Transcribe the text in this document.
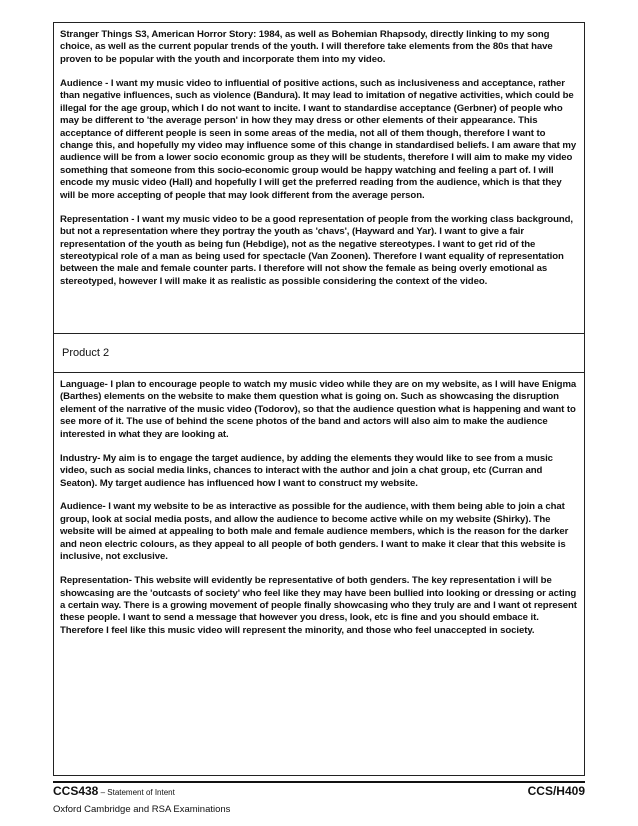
Stranger Things S3, American Horror Story: 1984, as well as Bohemian Rhapsody, directly linking to my song choice, as well as the current popular trends of the youth. I will therefore take elements from the 80s that have proven to be popular with the youth and incorporate them into my video.

Audience - I want my music video to influential of positive actions, such as inclusiveness and acceptance, rather than negative influences, such as violence (Bandura). It may lead to imitation of negative activities, which could be illegal for the age group, which I do not want to incite. I want to standardise acceptance (Gerbner) of people who may be different to 'the average person' in how they may dress or other elements of their appearance. This acceptance of different people is seen in some areas of the media, not all of them though, therefore I want to change this, and hopefully my video may influence some of this change in standardised beliefs. I am aware that my audience will be from a lower socio economic group as they will be students, therefore I will aim to make my video something that someone from this socio-economic group would be happy watching and feeling a part of. I will encode my music video (Hall) and hopefully I will get the preferred reading from the audience, which is that they will be more accepting of people that may look different from the average person.

Representation - I want my music video to be a good representation of people from the working class background, but not a representation where they portray the youth as 'chavs', (Hayward and Yar). I want to give a fair representation of the youth as being fun (Hebdige), not as the negative stereotypes. I want to get rid of the stereotypical role of a man as being used for spectacle (Van Zoonen). Therefore I want equality of representation between the male and female counter parts. I therefore will not show the female as being overly emotional as stereotyped, however I will make it as realistic as possible considering the context of the video.

Product 2

Language- I plan to encourage people to watch my music video while they are on my website, as I will have Enigma (Barthes) elements on the website to make them question what is going on. Such as showcasing the disruption element of the narrative of the music video (Todorov), so that the audience question what is happening and want to see more of it. The use of behind the scene photos of the band and actors will also aim to make the audience interested in what they are looking at.

Industry- My aim is to engage the target audience, by adding the elements they would like to see from a music video, such as social media links, chances to interact with the author and join a chat group, etc (Curran and Seaton). My target audience has influenced how I want to construct my website.

Audience- I want my website to be as interactive as possible for the audience, with them being able to join a chat group, look at social media posts, and allow the audience to become active while on my website (Shirky). The website will be aimed at appealing to both male and female audience members, which is the reason for the darker and neon electric colours, as they appeal to all people of both genders. I want to make it clear that this website is inclusive, not exclusive.

Representation- This website will evidently be representative of both genders. The key representation i will be showcasing are the 'outcasts of society' who feel like they may have been bullied into looking or dressing or acting a certain way. There is a growing movement of people finally showcasing who they truly are and I want ot represent these people. I want to send a message that however you dress, look, etc is fine and you should embace it. Therefore I feel like this music video will represent the minority, and those who feel unaccepted in society.

CCS438 – Statement of Intent	CCS/H409
Oxford Cambridge and RSA Examinations
